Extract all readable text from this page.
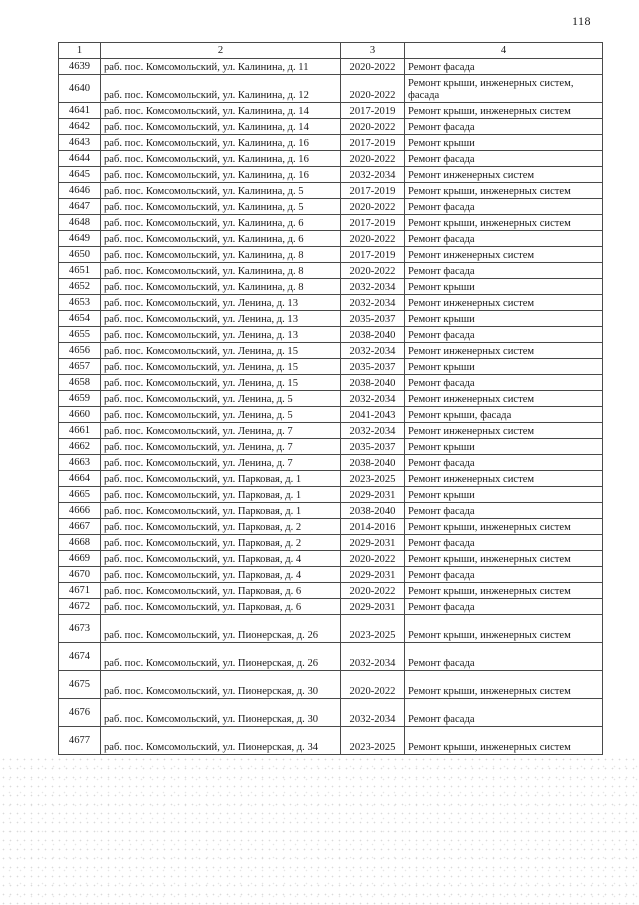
118
1	2	3	4
4639	раб. пос. Комсомольский, ул. Калинина, д. 11	2020-2022	Ремонт фасада
4640	раб. пос. Комсомольский, ул. Калинина, д. 12	2020-2022	Ремонт крыши, инженерных систем, фасада
4641	раб. пос. Комсомольский, ул. Калинина, д. 14	2017-2019	Ремонт крыши, инженерных систем
4642	раб. пос. Комсомольский, ул. Калинина, д. 14	2020-2022	Ремонт фасада
4643	раб. пос. Комсомольский, ул. Калинина, д. 16	2017-2019	Ремонт крыши
4644	раб. пос. Комсомольский, ул. Калинина, д. 16	2020-2022	Ремонт фасада
4645	раб. пос. Комсомольский, ул. Калинина, д. 16	2032-2034	Ремонт инженерных систем
4646	раб. пос. Комсомольский, ул. Калинина, д. 5	2017-2019	Ремонт крыши, инженерных систем
4647	раб. пос. Комсомольский, ул. Калинина, д. 5	2020-2022	Ремонт фасада
4648	раб. пос. Комсомольский, ул. Калинина, д. 6	2017-2019	Ремонт крыши, инженерных систем
4649	раб. пос. Комсомольский, ул. Калинина, д. 6	2020-2022	Ремонт фасада
4650	раб. пос. Комсомольский, ул. Калинина, д. 8	2017-2019	Ремонт инженерных систем
4651	раб. пос. Комсомольский, ул. Калинина, д. 8	2020-2022	Ремонт фасада
4652	раб. пос. Комсомольский, ул. Калинина, д. 8	2032-2034	Ремонт крыши
4653	раб. пос. Комсомольский, ул. Ленина, д. 13	2032-2034	Ремонт инженерных систем
4654	раб. пос. Комсомольский, ул. Ленина, д. 13	2035-2037	Ремонт крыши
4655	раб. пос. Комсомольский, ул. Ленина, д. 13	2038-2040	Ремонт фасада
4656	раб. пос. Комсомольский, ул. Ленина, д. 15	2032-2034	Ремонт инженерных систем
4657	раб. пос. Комсомольский, ул. Ленина, д. 15	2035-2037	Ремонт крыши
4658	раб. пос. Комсомольский, ул. Ленина, д. 15	2038-2040	Ремонт фасада
4659	раб. пос. Комсомольский, ул. Ленина, д. 5	2032-2034	Ремонт инженерных систем
4660	раб. пос. Комсомольский, ул. Ленина, д. 5	2041-2043	Ремонт крыши, фасада
4661	раб. пос. Комсомольский, ул. Ленина, д. 7	2032-2034	Ремонт инженерных систем
4662	раб. пос. Комсомольский, ул. Ленина, д. 7	2035-2037	Ремонт крыши
4663	раб. пос. Комсомольский, ул. Ленина, д. 7	2038-2040	Ремонт фасада
4664	раб. пос. Комсомольский, ул. Парковая, д. 1	2023-2025	Ремонт инженерных систем
4665	раб. пос. Комсомольский, ул. Парковая, д. 1	2029-2031	Ремонт крыши
4666	раб. пос. Комсомольский, ул. Парковая, д. 1	2038-2040	Ремонт фасада
4667	раб. пос. Комсомольский, ул. Парковая, д. 2	2014-2016	Ремонт крыши, инженерных систем
4668	раб. пос. Комсомольский, ул. Парковая, д. 2	2029-2031	Ремонт фасада
4669	раб. пос. Комсомольский, ул. Парковая, д. 4	2020-2022	Ремонт крыши, инженерных систем
4670	раб. пос. Комсомольский, ул. Парковая, д. 4	2029-2031	Ремонт фасада
4671	раб. пос. Комсомольский, ул. Парковая, д. 6	2020-2022	Ремонт крыши, инженерных систем
4672	раб. пос. Комсомольский, ул. Парковая, д. 6	2029-2031	Ремонт фасада
4673	раб. пос. Комсомольский, ул. Пионерская, д. 26	2023-2025	Ремонт крыши, инженерных систем
4674	раб. пос. Комсомольский, ул. Пионерская, д. 26	2032-2034	Ремонт фасада
4675	раб. пос. Комсомольский, ул. Пионерская, д. 30	2020-2022	Ремонт крыши, инженерных систем
4676	раб. пос. Комсомольский, ул. Пионерская, д. 30	2032-2034	Ремонт фасада
4677	раб. пос. Комсомольский, ул. Пионерская, д. 34	2023-2025	Ремонт крыши, инженерных систем
